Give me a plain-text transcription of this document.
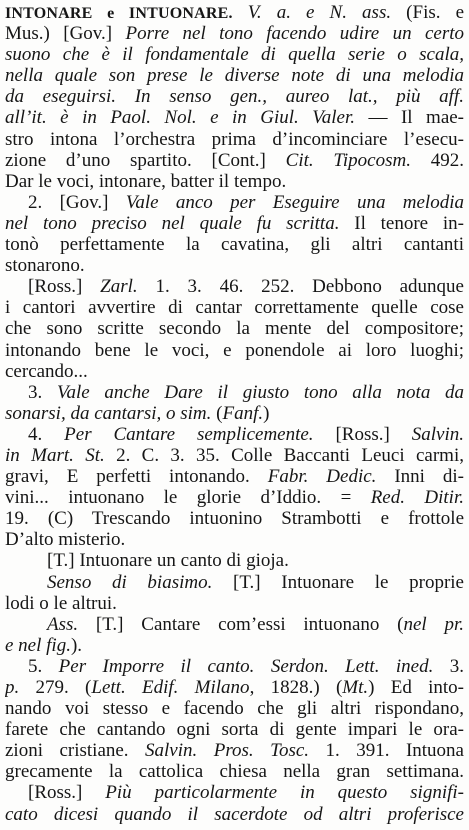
INTONARE e INTUONARE. V. a. e N. ass. (Fis. e
Mus.) [Gov.] Porre nel tono facendo udire un certo
suono che è il fondamentale di quella serie o scala,
nella quale son prese le diverse note di una melodia
da eseguirsi. In senso gen., aureo lat., più aff.
all’it. è in Paol. Nol. e in Giul. Valer. — Il mae-
stro intona l’orchestra prima d’incominciare l’esecu-
zione d’uno spartito. [Cont.] Cit. Tipocosm. 492.
Dar le voci, intonare, batter il tempo.
2. [Gov.] Vale anco per Eseguire una melodia
nel tono preciso nel quale fu scritta. Il tenore in-
tonò perfettamente la cavatina, gli altri cantanti
stonarono.
[Ross.] Zarl. 1. 3. 46. 252. Debbono adunque
i cantori avvertire di cantar correttamente quelle cose
che sono scritte secondo la mente del compositore;
intonando bene le voci, e ponendole ai loro luoghi;
cercando...
3. Vale anche Dare il giusto tono alla nota da
sonarsi, da cantarsi, o sim. (Fanf.)
4. Per Cantare semplicemente. [Ross.] Salvin.
in Mart. St. 2. C. 3. 35. Colle Baccanti Leuci carmi,
gravi, E perfetti intonando. Fabr. Dedic. Inni di-
vini... intuonano le glorie d’Iddio. = Red. Ditir.
19. (C) Trescando intuonino Strambotti e frottole
D’alto misterio.
[T.] Intuonare un canto di gioja.
Senso di biasimo. [T.] Intuonare le proprie
lodi o le altrui.
Ass. [T.] Cantare com’essi intuonano (nel pr.
e nel fig.).
5. Per Imporre il canto. Serdon. Lett. ined. 3.
p. 279. (Lett. Edif. Milano, 1828.) (Mt.) Ed into-
nando voi stesso e facendo che gli altri rispondano,
farete che cantando ogni sorta di gente impari le ora-
zioni cristiane. Salvin. Pros. Tosc. 1. 391. Intuona
grecamente la cattolica chiesa nella gran settimana.
[Ross.] Più particolarmente in questo signifi-
cato dicesi quando il sacerdote od altri proferisce
